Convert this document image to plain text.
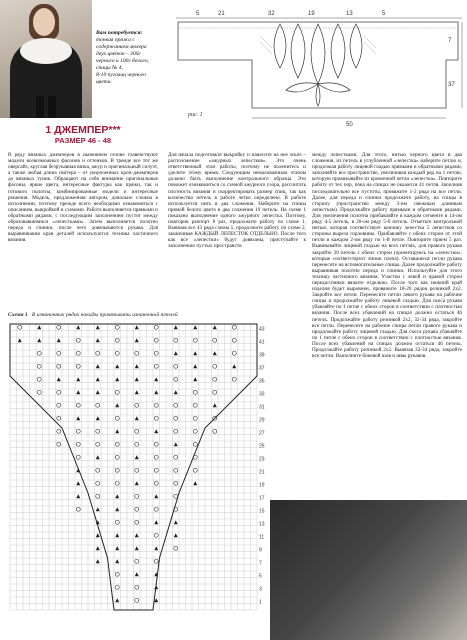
Вам потребуется:
тонкая пряжа с
содержанием мохера
двух цветов – 300г
черного и 100г белого,
спицы № 4,
8-10 пуговиц черного
цвета.
5	21	32	19	13	5
7
37
50
рис. 1
1 ДЖЕМПЕР***
РАЗМЕР 46 - 48
В ряду вязаных джемперов в нынешнем сезоне главенствуют модели всевозможных фасонов и оттенков. В тренде все тот же оверсайз, круглая безрукавная вязка, ажур и оригинальный силуэт, а также любая длина свитера – от укороченных кроп-джемперов до вязаных туник. Обращают на себя внимание оригинальные фасоны, яркие цвета, интересные фактуры как пряжи, так и готового полотна, комбинированные модели и интересные решения. Модель, предложенная автором, довольно сложна в исполнении, поэтому прежде всего необходимо ознакомиться с описанием, выкройкой и схемами. Работа выполняется прямыми и обратными рядами, с последующим заполнением пустот между образовавшимися «лепестками». Затем выполняется полотно переда и спинки, после чего довязываются рукава. Для выравнивания края деталей используются техника частичного вязания.
Для начала подготовьте выкройку и нанесите на нее эскиз – расположение «ажурных лепестков». Это очень ответственный этап работы, поэтому не поленитесь и уделите этому время. Следующим немаловажным этапом должно быть выполнение контрольного образца. Это поможет ознакомиться со схемой ажурного узора, рассчитать плотность вязания и скорректировать размер спиц, так как количество петель в работе четко определено. В работе используется нить в два сложения. Наберите на спицы прямой белого цвета в два сложения 19 петель. На схеме 1 показано выполнение одного ажурного лепестка. Поэтому, повторив раппорт 8 раз, продолжите работу по схеме 1. Вывязав все 43 ряда схемы 1, продолжите работу по схеме 2, заканчивая КАЖДЫЙ ЛЕПЕСТОК ОТДЕЛЬНО. После того как все «лепестки» будут довязаны, приступайте к заполнению пустых пространств
между лепестками. Для этого, нитью черного цвета в два сложения, из петель в углубленной «лепестка» наберите петлю и, продолжая работу лицевой гладью прямыми и обратными рядами, заполняйте все пространство, увеличивая каждый ряд на 1 петлю, которую провязывайте из кромочной петли «лепестка». Повторите работу от тех пор, пока на спицах не окажется 41 петля. Заполнив последовательно все пустоты, провяжите 1-2 ряда на все петли. Далее, для переда и спинки продолжите работу, на спицы в сторону (пространство между 3-им смежным длинным лепесткам). Продолжайте работу прямыми и обратными рядами. Для увеличения полотна прибавляйте в каждом сегменте в 14-ом ряду 4-5 петель, в 20-ом ряду 5-6 петель. Отметьте контрольной нитью, которая соответствует кончику лепестка 5 лепестков со стороны выреза горловины. Прибавляйте с обеих сторон от этой петли в каждом 2-ом ряду по 1-й петле. Повторите прием 5 раз. Вывязывайте лицевой гладью на всех петлях, для правого рукава закройте 20 петель с обеих сторон (ориентируясь на «лепестки», которые соответствуют линии плеча). Оставшиеся петли рукава перенесите на вспомогательные спицы. Далее продолжайте работу выравнивая полотно переда и спинки. Используйте для этого технику частичного вязания. Участки с левой и правой сторон переда/спинки вяжите отдельно. После того как нижний край изделия будет выровнен, провяжите 18-20 рядов резинкой 2х2. Закройте все петли. Перенесите петли левого рукава на рабочие спицы и продолжайте работу лицевой гладью. Для скоса рукава убавляйте по 1 петле с обеих сторон в соответствии с плотностью вязания. После всех убавлений на спицах должно остаться 46 петель. Продолжайте работу резинкой 2х2, 32-34 ряда, закройте все петли. Перенесите на рабочие спицы петли правого рукава и продолжайте работу лицевой гладью. Для скоса рукава убавляйте по 1 петле с обеих сторон в соответствии с плотностью вязания. После всех убавлений на спицах должно остаться 46 петель. Продолжайте работу резинкой 2х2. Вывязав 32-34 ряда, закройте все петли. Выполните боковой шов и швы рукавов.
Схема 1 В изнаночных рядах накиды провязывать изнаночной петлей
43
41
39
37
35
33
31
29
27
25
23
21
19
17
15
13
11
9
7
5
3
1
